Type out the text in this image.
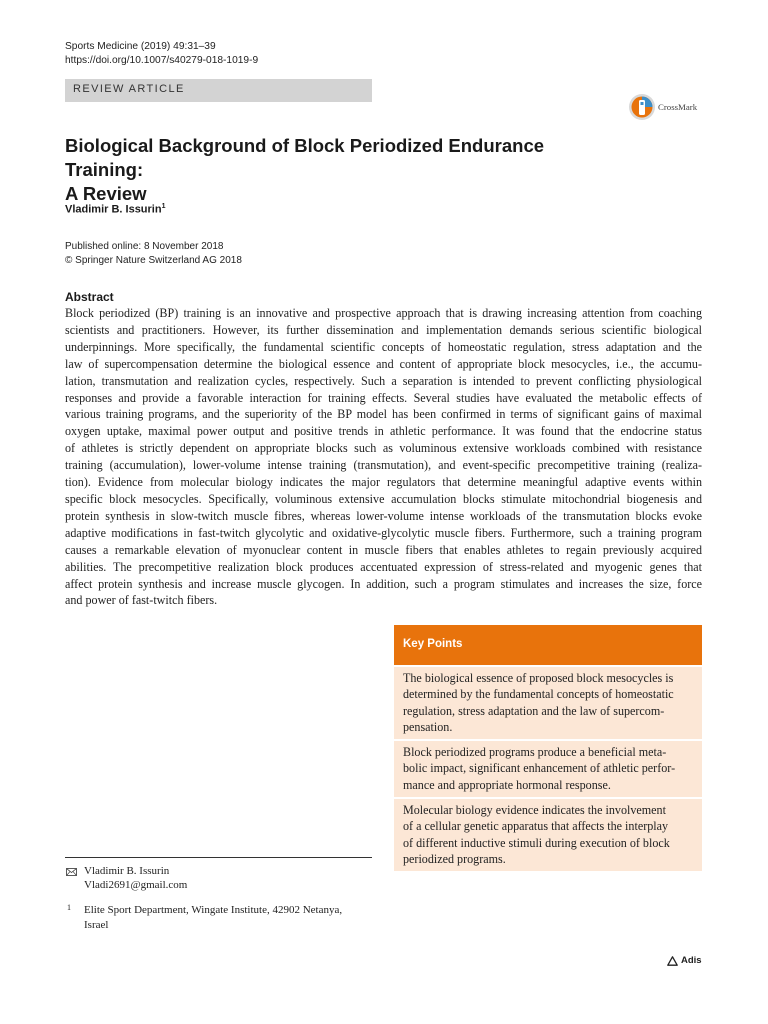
Sports Medicine (2019) 49:31–39
https://doi.org/10.1007/s40279-018-1019-9
REVIEW ARTICLE
CrossMark
Biological Background of Block Periodized Endurance Training:
A Review
Vladimir B. Issurin$^1$
Published online: 8 November 2018
© Springer Nature Switzerland AG 2018
Abstract
Block periodized (BP) training is an innovative and prospective approach that is drawing increasing attention from coaching
scientists and practitioners. However, its further dissemination and implementation demands serious scientific biological
underpinnings. More specifically, the fundamental scientific concepts of homeostatic regulation, stress adaptation and the
law of supercompensation determine the biological essence and content of appropriate block mesocycles, i.e., the accumu-
lation, transmutation and realization cycles, respectively. Such a separation is intended to prevent conflicting physiological
responses and provide a favorable interaction for training effects. Several studies have evaluated the metabolic effects of
various training programs, and the superiority of the BP model has been confirmed in terms of significant gains of maximal
oxygen uptake, maximal power output and positive trends in athletic performance. It was found that the endocrine status
of athletes is strictly dependent on appropriate blocks such as voluminous extensive workloads combined with resistance
training (accumulation), lower-volume intense training (transmutation), and event-specific precompetitive training (realiza-
tion). Evidence from molecular biology indicates the major regulators that determine meaningful adaptive events within
specific block mesocycles. Specifically, voluminous extensive accumulation blocks stimulate mitochondrial biogenesis and
protein synthesis in slow-twitch muscle fibres, whereas lower-volume intense workloads of the transmutation blocks evoke
adaptive modifications in fast-twitch glycolytic and oxidative-glycolytic muscle fibers. Furthermore, such a training program
causes a remarkable elevation of myonuclear content in muscle fibers that enables athletes to regain previously acquired
abilities. The precompetitive realization block produces accentuated expression of stress-related and myogenic genes that
affect protein synthesis and increase muscle glycogen. In addition, such a program stimulates and increases the size, force
and power of fast-twitch fibers.
Key Points
The biological essence of proposed block mesocycles is
determined by the fundamental concepts of homeostatic
regulation, stress adaptation and the law of supercom-
pensation.
Block periodized programs produce a beneficial meta-
bolic impact, significant enhancement of athletic perfor-
mance and appropriate hormonal response.
Molecular biology evidence indicates the involvement
of a cellular genetic apparatus that affects the interplay
of different inductive stimuli during execution of block
periodized programs.
Vladimir B. Issurin
Vladi2691@gmail.com
1 Elite Sport Department, Wingate Institute, 42902 Netanya,
Israel
Adis
